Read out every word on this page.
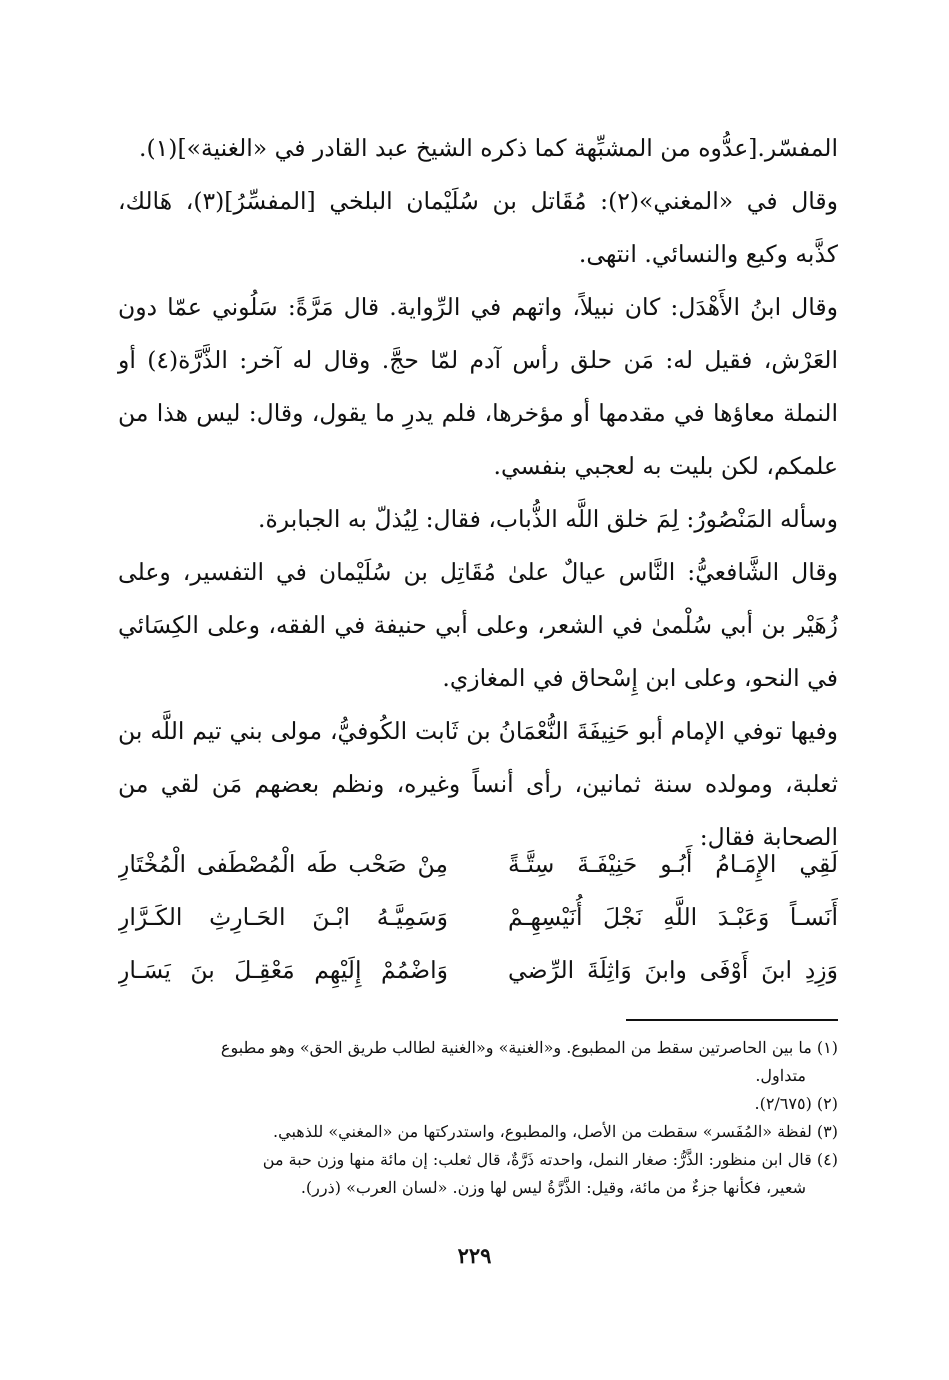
المفسّر.[عدُّوه من المشبِّهة كما ذكره الشيخ عبد القادر في «الغنية»](١).

وقال في «المغني»(٢): مُقَاتل بن سُلَيْمان البلخي [المفسِّرُ](٣)، هَالك، كذَّبه وكيع والنسائي. انتهى.

وقال ابنُ الأَهْدَل: كان نبيلاً، واتهم في الرِّواية. قال مَرَّةً: سَلُوني عمّا دون العَرْش، فقيل له: مَن حلق رأس آدم لمّا حجَّ. وقال له آخر: الذَّرَّة(٤) أو النملة معاؤها في مقدمها أو مؤخرها، فلم يدرِ ما يقول، وقال: ليس هذا من علمكم، لكن بليت به لعجبي بنفسي.

وسأله المَنْصُورُ: لِمَ خلق اللَّه الذُّباب، فقال: لِيُذلّ به الجبابرة.

وقال الشَّافعيُّ: النَّاس عيالٌ علىٰ مُقَاتِل بن سُلَيْمان في التفسير، وعلى زُهَيْر بن أبي سُلْمىٰ في الشعر، وعلى أبي حنيفة في الفقه، وعلى الكِسَائي في النحو، وعلى ابن إِسْحاق في المغازي.

وفيها توفي الإمام أبو حَنِيفَةَ النُّعْمَانُ بن ثَابت الكُوفيُّ، مولى بني تيم اللَّه بن ثعلبة، ومولده سنة ثمانين، رأى أنساً وغيره، ونظم بعضهم مَن لقي من الصحابة فقال:

لَقِي الإِمَـامُ أَبُـو حَنِيْفَـةَ سِتَّـةً
مِنْ صَحْب طَه الْمُصْطَفى الْمُخْتَارِ
أَنَسـاً وَعَبْـدَ اللَّهِ نَجْلَ أُنَيْسِهِـمْ
وَسَمِيَّـهُ ابْـنَ الحَـارِثِ الكَـرَّارِ
وَزِدِ ابنَ أَوْفَى وابنَ وَاثِلَةَ الرِّضي
وَاضْمُمْ إِلَيْهِم مَعْقِـلَ بنَ يَسَـارِ

(١) ما بين الحاصرتين سقط من المطبوع. و«الغنية» و«الغنية لطالب طريق الحق» وهو مطبوع

متداول.

(٢) (٢/٦٧٥).

(٣) لفظة «المُفَسر» سقطت من الأصل، والمطبوع، واستدركتها من «المغني» للذهبي.

(٤) قال ابن منظور: الذَّرُّ: صغار النمل، واحدته ذَرَّةٌ، قال ثعلب: إن مائة منها وزن حبة من

شعير، فكأنها جزءٌ من مائة، وقيل: الذَّرَّةُ ليس لها وزن. «لسان العرب» (ذرر).

٢٢٩
